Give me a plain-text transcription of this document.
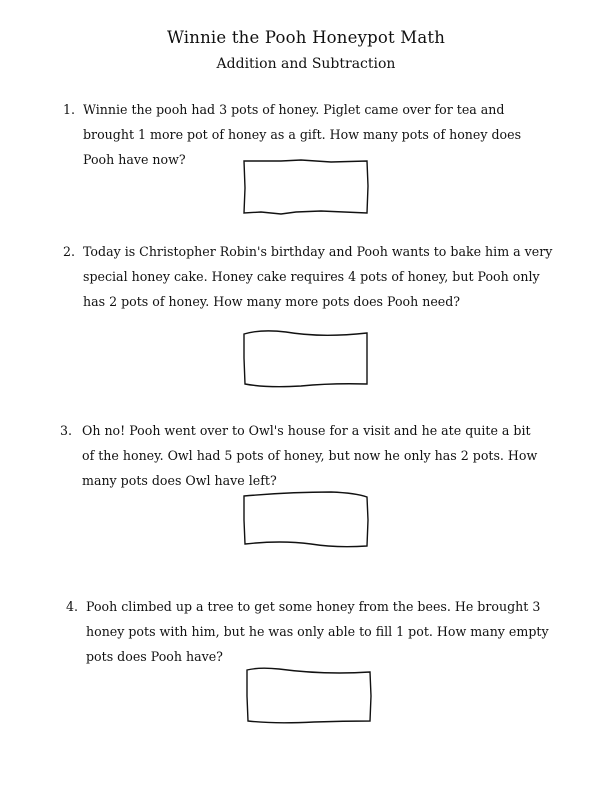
Winnie the Pooh Honeypot Math
Addition and Subtraction
1. Winnie the pooh had 3 pots of honey. Piglet came over for tea and brought 1 more pot of honey as a gift. How many pots of honey does Pooh have now?
2. Today is Christopher Robin's birthday and Pooh wants to bake him a very special honey cake. Honey cake requires 4 pots of honey, but Pooh only has 2 pots of honey. How many more pots does Pooh need?
3. Oh no! Pooh went over to Owl's house for a visit and he ate quite a bit of the honey. Owl had 5 pots of honey, but now he only has 2 pots. How many pots does Owl have left?
4. Pooh climbed up a tree to get some honey from the bees. He brought 3 honey pots with him, but he was only able to fill 1 pot. How many empty pots does Pooh have?
